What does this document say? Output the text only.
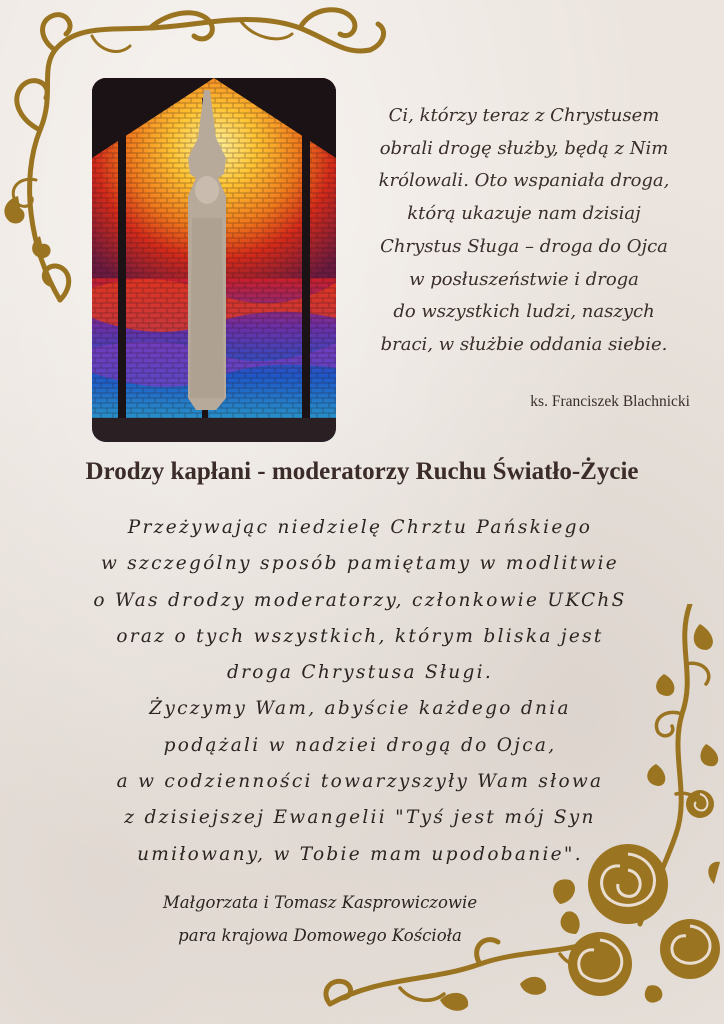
Ci, którzy teraz z Chrystusem
obrali drogę służby, będą z Nim
królowali. Oto wspaniała droga,
którą ukazuje nam dzisiaj
Chrystus Sługa – droga do Ojca
w posłuszeństwie i droga
do wszystkich ludzi, naszych
braci, w służbie oddania siebie.
ks. Franciszek Blachnicki
Drodzy kapłani - moderatorzy Ruchu Światło-Życie
Przeżywając niedzielę Chrztu Pańskiego
w szczególny sposób pamiętamy w modlitwie
o Was drodzy moderatorzy, członkowie UKChS
oraz o tych wszystkich, którym bliska jest
droga Chrystusa Sługi.
Życzymy Wam, abyście każdego dnia
podążali w nadziei drogą do Ojca,
a w codzienności towarzyszyły Wam słowa
z dzisiejszej Ewangelii "Tyś jest mój Syn
umiłowany, w Tobie mam upodobanie".
Małgorzata i Tomasz Kasprowiczowie
para krajowa Domowego Kościoła
